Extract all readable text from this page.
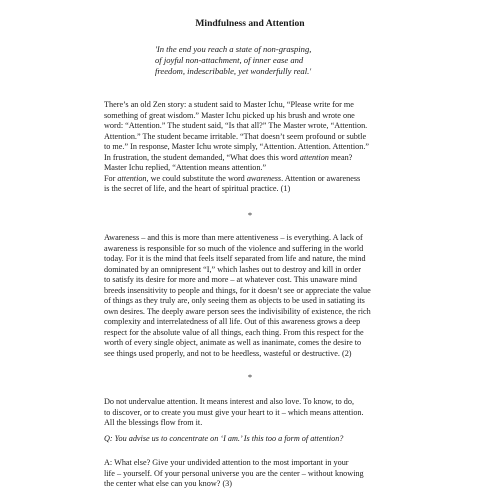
Mindfulness and Attention
'In the end you reach a state of non-grasping,
of joyful non-attachment, of inner ease and
freedom, indescribable, yet wonderfully real.'
There’s an old Zen story: a student said to Master Ichu, “Please write for me
something of great wisdom.” Master Ichu picked up his brush and wrote one
word: “Attention.” The student said, “Is that all?” The Master wrote, “Attention.
Attention.” The student became irritable. “That doesn’t seem profound or subtle
to me.” In response, Master Ichu wrote simply, “Attention. Attention. Attention.”
In frustration, the student demanded, “What does this word attention mean?
Master Ichu replied, “Attention means attention.”
For attention, we could substitute the word awareness. Attention or awareness
is the secret of life, and the heart of spiritual practice. (1)
*
Awareness – and this is more than mere attentiveness – is everything. A lack of
awareness is responsible for so much of the violence and suffering in the world
today. For it is the mind that feels itself separated from life and nature, the mind
dominated by an omnipresent “I,” which lashes out to destroy and kill in order
to satisfy its desire for more and more – at whatever cost. This unaware mind
breeds insensitivity to people and things, for it doesn’t see or appreciate the value
of things as they truly are, only seeing them as objects to be used in satiating its
own desires. The deeply aware person sees the indivisibility of existence, the rich
complexity and interrelatedness of all life. Out of this awareness grows a deep
respect for the absolute value of all things, each thing. From this respect for the
worth of every single object, animate as well as inanimate, comes the desire to
see things used properly, and not to be heedless, wasteful or destructive. (2)
*
Do not undervalue attention. It means interest and also love. To know, to do,
to discover, or to create you must give your heart to it – which means attention.
All the blessings flow from it.
Q: You advise us to concentrate on ‘I am.’ Is this too a form of attention?
A: What else? Give your undivided attention to the most important in your
life – yourself. Of your personal universe you are the center – without knowing
the center what else can you know? (3)
